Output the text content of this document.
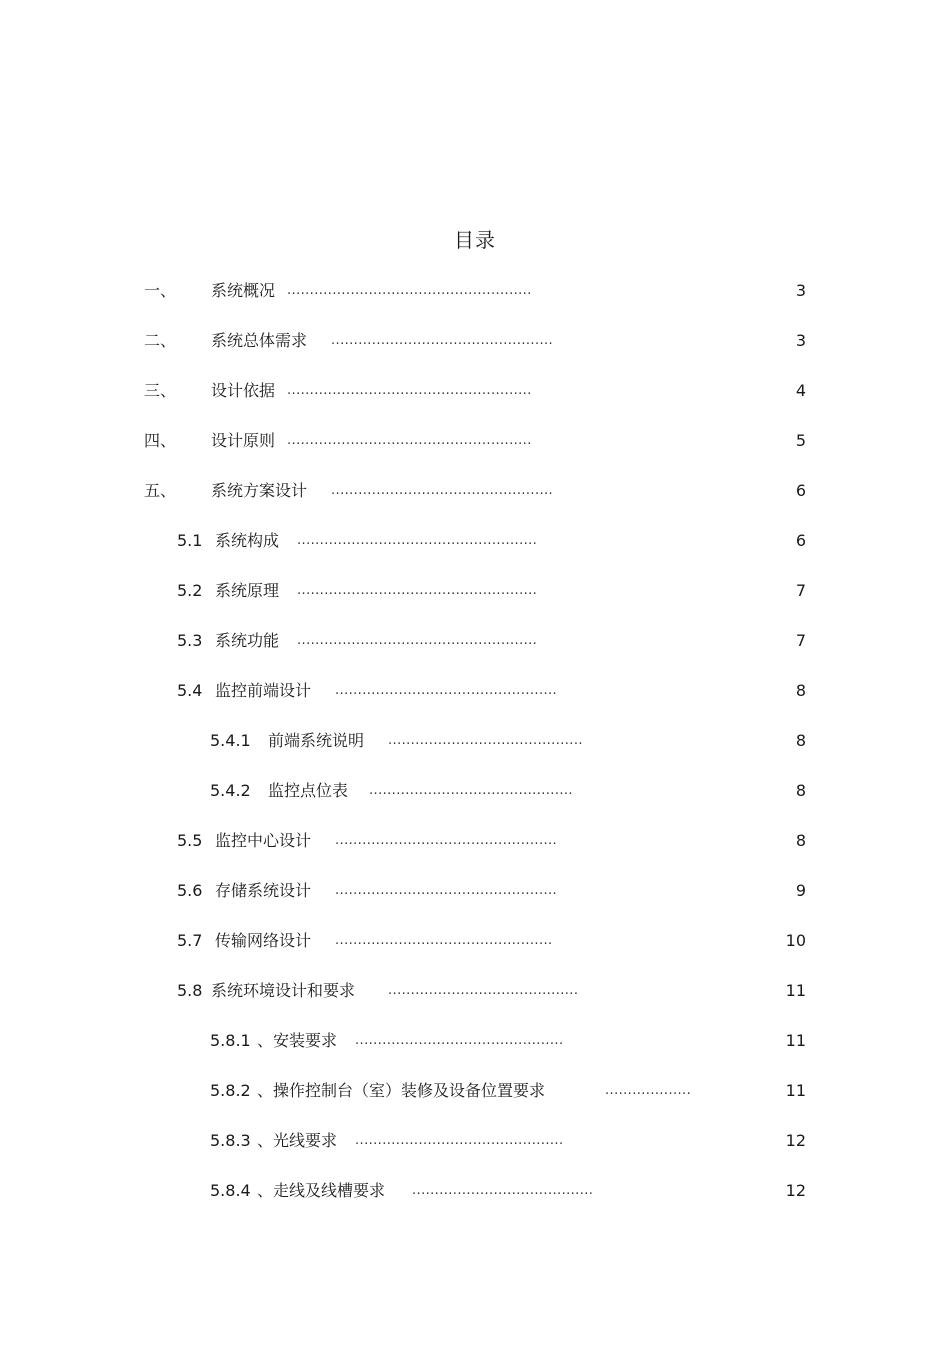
目录
一、 系统概况 ......................................................	3
二、 系统总体需求 .................................................	3
三、 设计依据 ......................................................	4
四、 设计原则 ......................................................	5
五、 系统方案设计 .................................................	6
5.1 系统构成 .....................................................	6
5.2 系统原理 .....................................................	7
5.3 系统功能 .....................................................	7
5.4 监控前端设计 .................................................	8
5.4.1 前端系统说明 ...........................................	8
5.4.2 监控点位表 .............................................	8
5.5 监控中心设计 .................................................	8
5.6 存储系统设计 .................................................	9
5.7 传输网络设计 ................................................	10
5.8 系统环境设计和要求	..........................................	11
5.8.1 、安装要求 ..............................................	11
5.8.2 、操作控制台（室）装修及设备位置要求	...................	11
5.8.3 、光线要求 ..............................................	12
5.8.4 、走线及线槽要求 ........................................	12
